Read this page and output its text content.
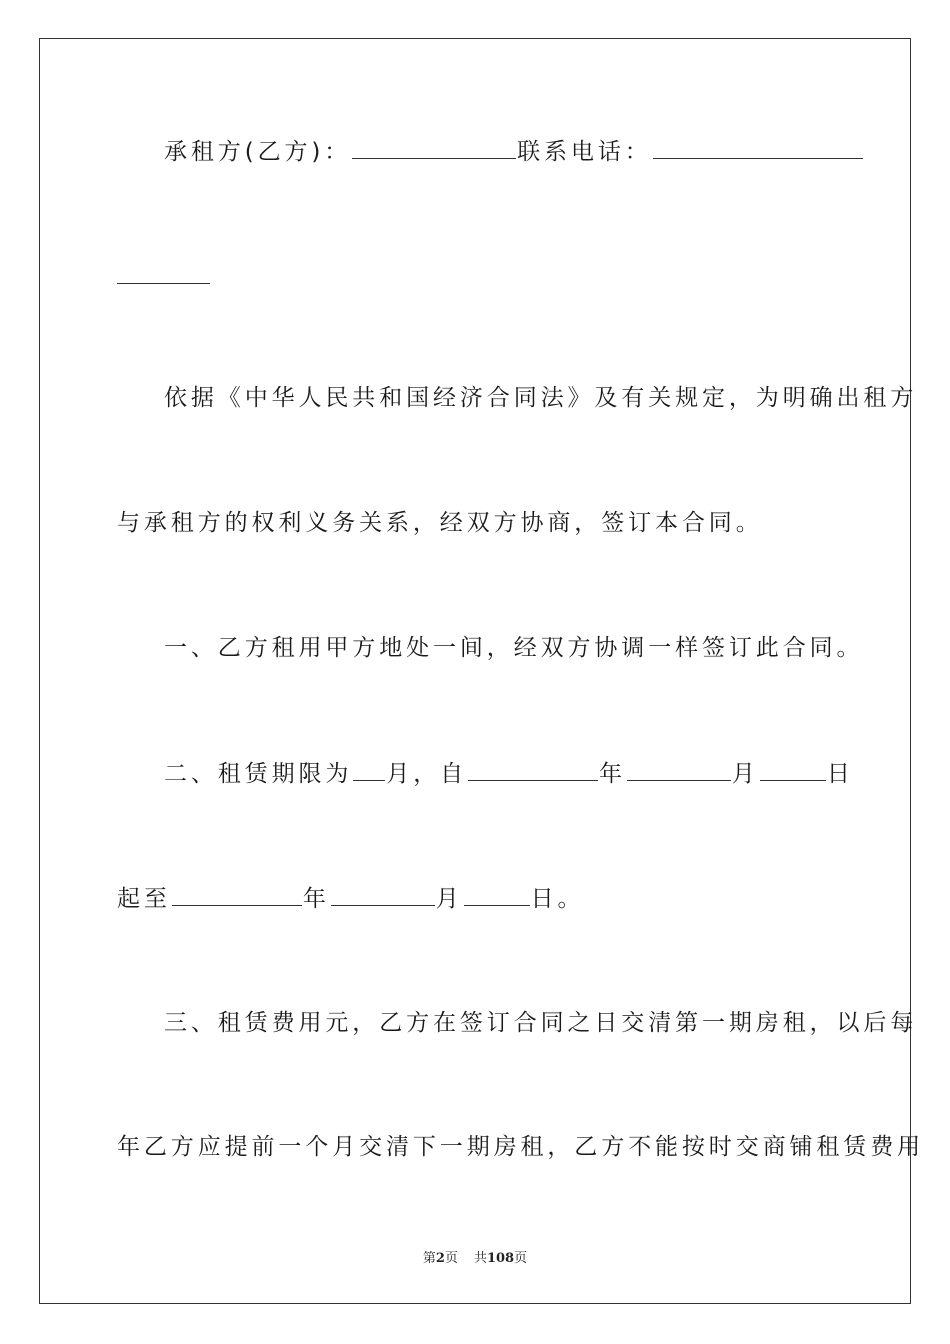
承租方(乙方)：	联系电话：
依据《中华人民共和国经济合同法》及有关规定，为明确出租方
与承租方的权利义务关系，经双方协商，签订本合同。
一、乙方租用甲方地处一间，经双方协调一样签订此合同。
二、租赁期限为 月，自	年	月	日
起至	年	月	日。
三、租赁费用元，乙方在签订合同之日交清第一期房租，以后每
年乙方应提前一个月交清下一期房租，乙方不能按时交商铺租赁费用
第2页 共108页
